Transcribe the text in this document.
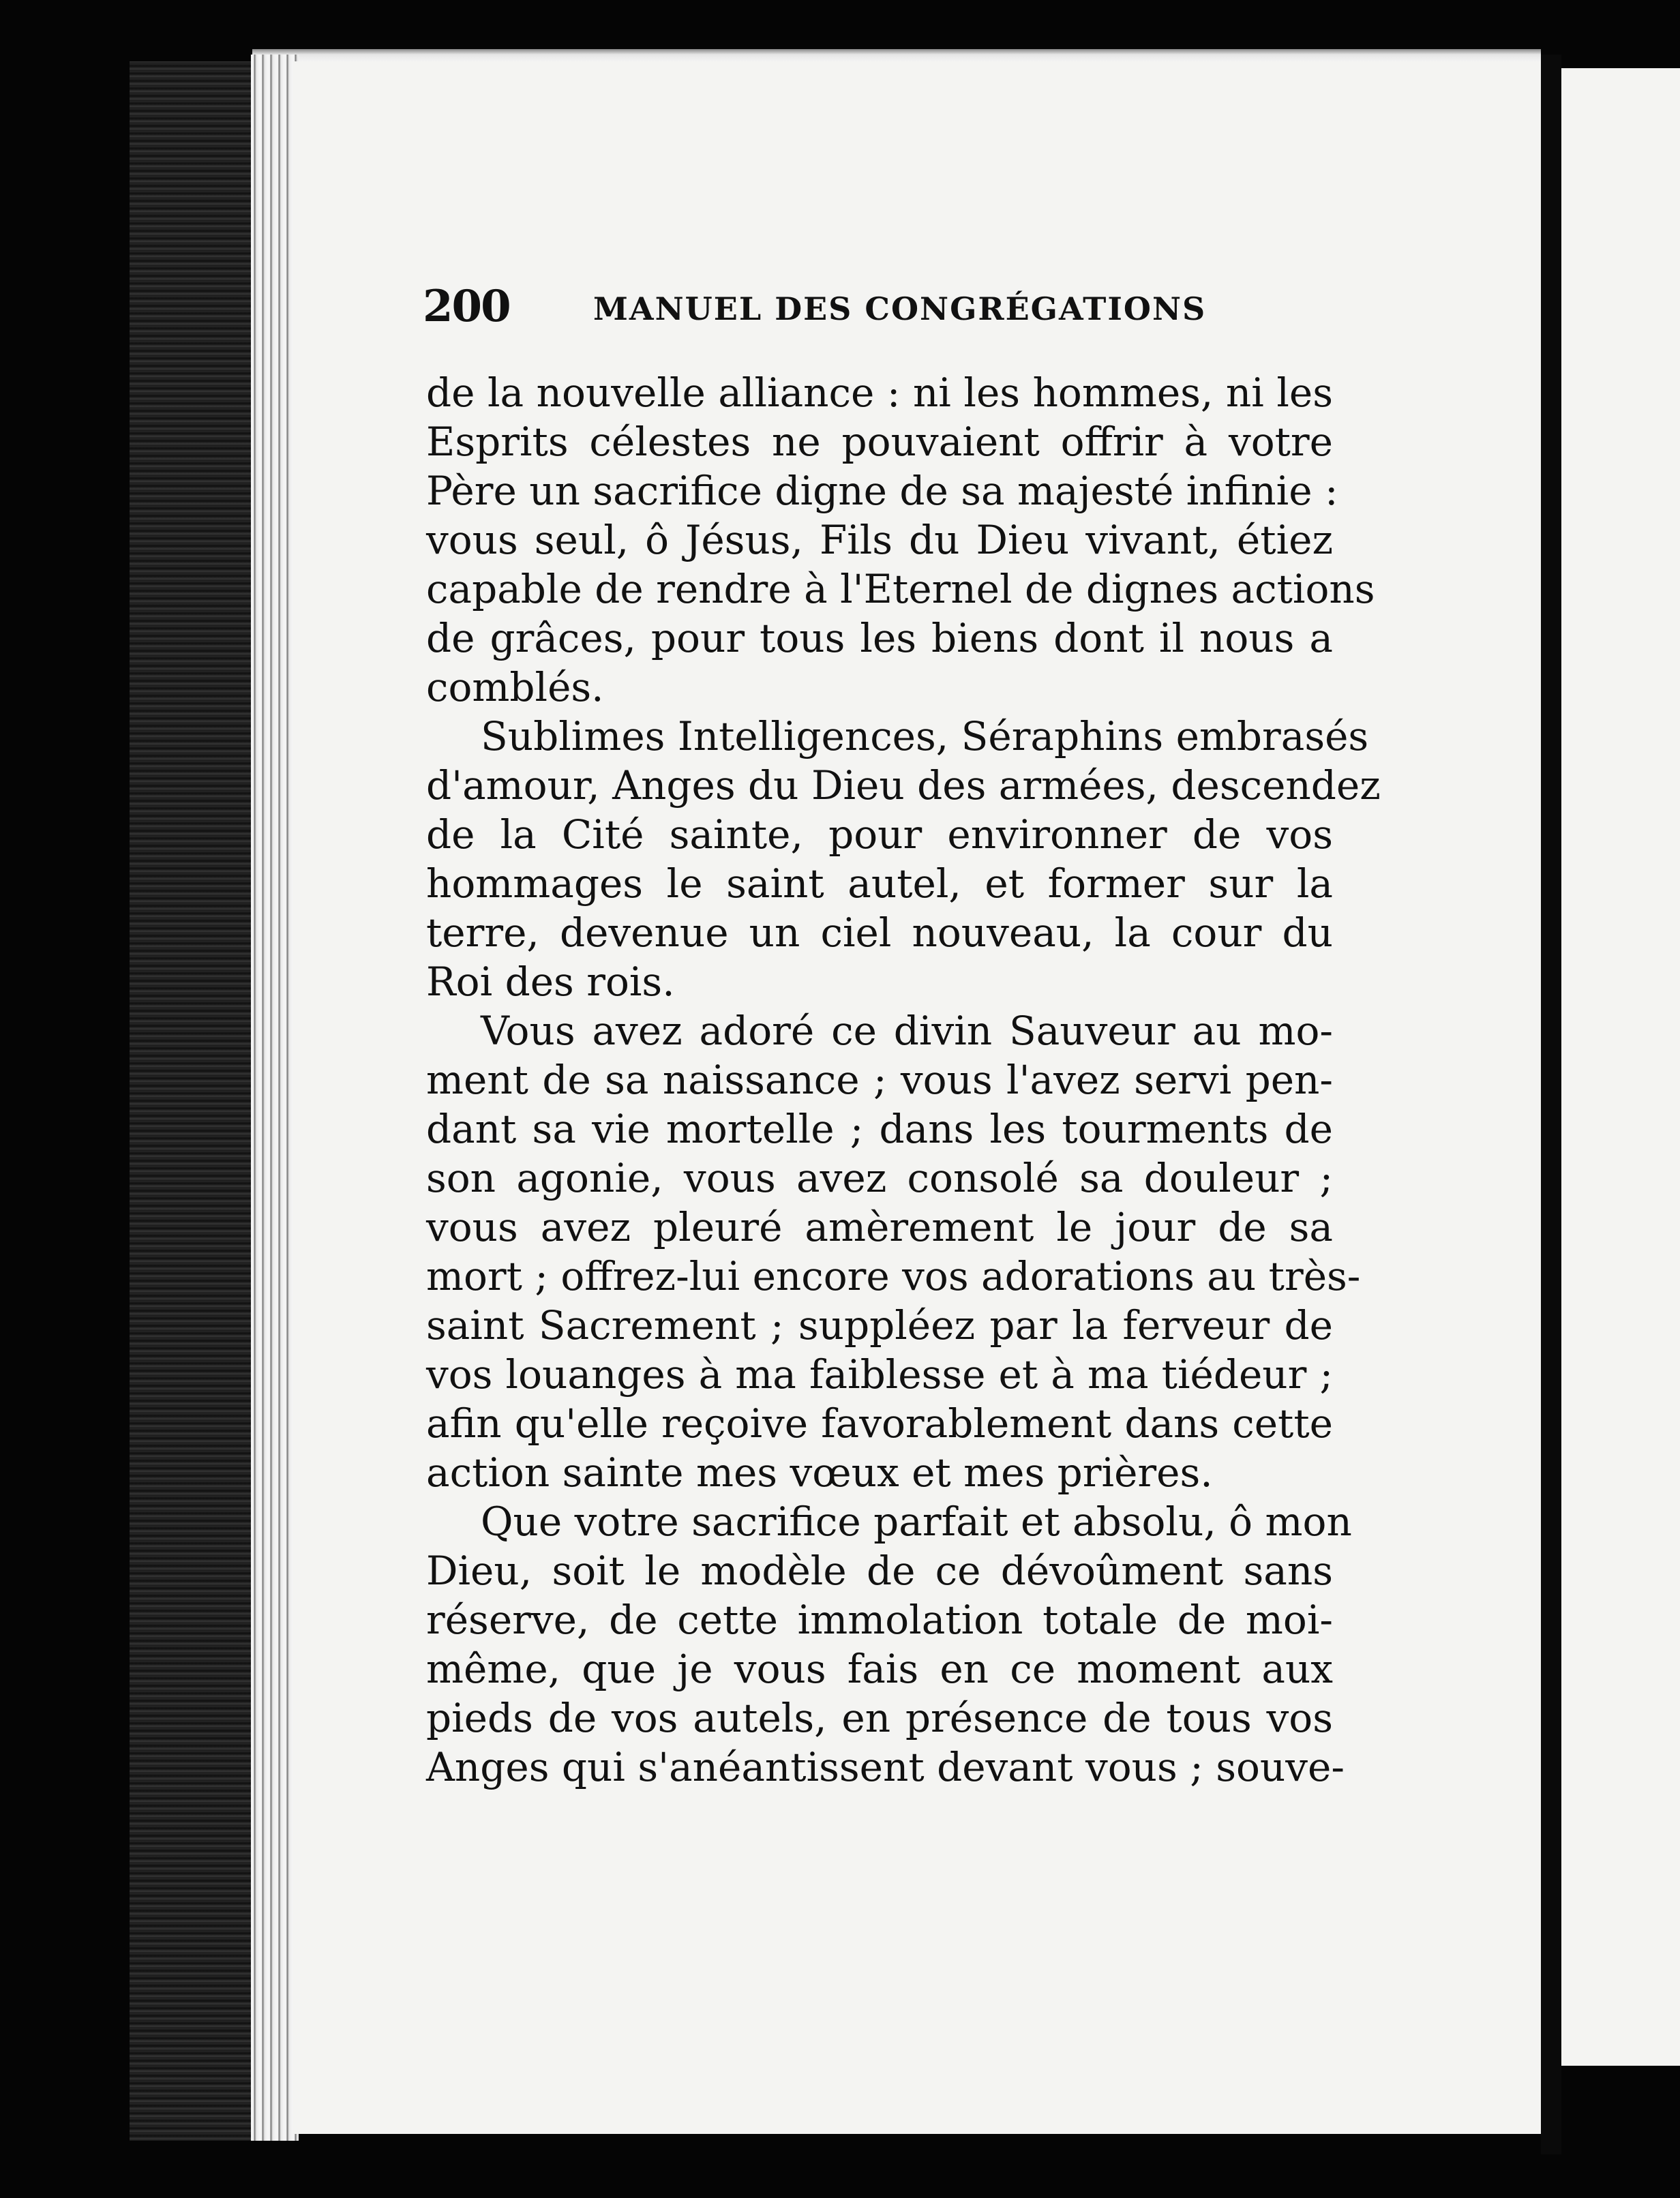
200	MANUEL DES CONGRÉGATIONS
de la nouvelle alliance : ni les hommes, ni les
Esprits célestes ne pouvaient offrir à votre
Père un sacrifice digne de sa majesté infinie :
vous seul, ô Jésus, Fils du Dieu vivant, étiez
capable de rendre à l'Eternel de dignes actions
de grâces, pour tous les biens dont il nous a
comblés.
Sublimes Intelligences, Séraphins embrasés
d'amour, Anges du Dieu des armées, descendez
de la Cité sainte, pour environner de vos
hommages le saint autel, et former sur la
terre, devenue un ciel nouveau, la cour du
Roi des rois.
Vous avez adoré ce divin Sauveur au mo-
ment de sa naissance ; vous l'avez servi pen-
dant sa vie mortelle ; dans les tourments de
son agonie, vous avez consolé sa douleur ;
vous avez pleuré amèrement le jour de sa
mort ; offrez-lui encore vos adorations au très-
saint Sacrement ; suppléez par la ferveur de
vos louanges à ma faiblesse et à ma tiédeur ;
afin qu'elle reçoive favorablement dans cette
action sainte mes vœux et mes prières.
Que votre sacrifice parfait et absolu, ô mon
Dieu, soit le modèle de ce dévoûment sans
réserve, de cette immolation totale de moi-
même, que je vous fais en ce moment aux
pieds de vos autels, en présence de tous vos
Anges qui s'anéantissent devant vous ; souve-
